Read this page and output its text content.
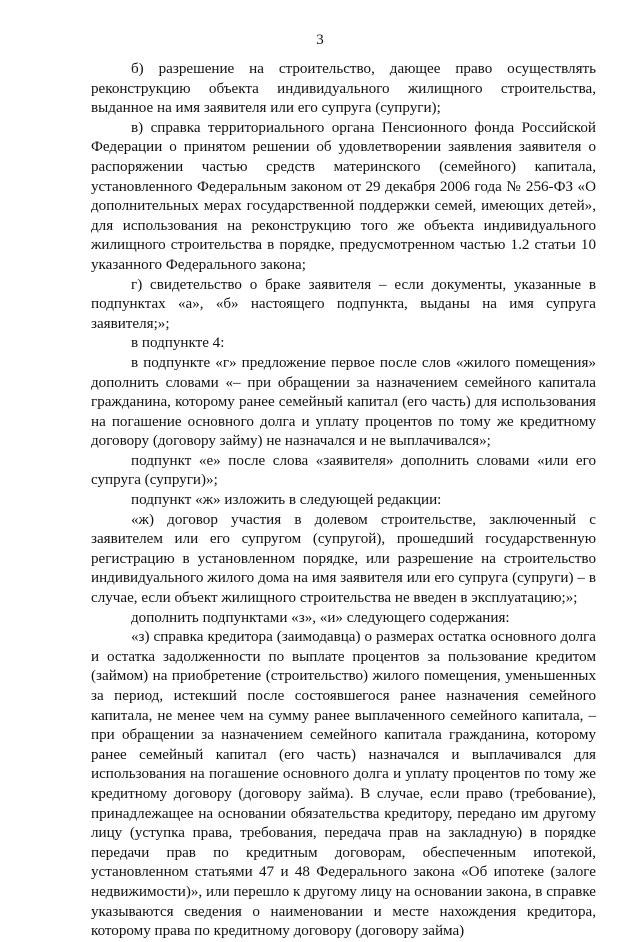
3

б) разрешение на строительство, дающее право осуществлять реконструкцию объекта индивидуального жилищного строительства, выданное на имя заявителя или его супруга (супруги);

в) справка территориального органа Пенсионного фонда Российской Федерации о принятом решении об удовлетворении заявления заявителя о распоряжении частью средств материнского (семейного) капитала, установленного Федеральным законом от 29 декабря 2006 года № 256-ФЗ «О дополнительных мерах государственной поддержки семей, имеющих детей», для использования на реконструкцию того же объекта индивидуального жилищного строительства в порядке, предусмотренном частью 1.2 статьи 10 указанного Федерального закона;

г) свидетельство о браке заявителя – если документы, указанные в подпунктах «а», «б» настоящего подпункта, выданы на имя супруга заявителя;»;

в подпункте 4:

в подпункте «г» предложение первое после слов «жилого помещения» дополнить словами «– при обращении за назначением семейного капитала гражданина, которому ранее семейный капитал (его часть) для использования на погашение основного долга и уплату процентов по тому же кредитному договору (договору займу) не назначался и не выплачивался»;

подпункт «е» после слова «заявителя» дополнить словами «или его супруга (супруги)»;

подпункт «ж» изложить в следующей редакции:

«ж) договор участия в долевом строительстве, заключенный с заявителем или его супругом (супругой), прошедший государственную регистрацию в установленном порядке, или разрешение на строительство индивидуального жилого дома на имя заявителя или его супруга (супруги) – в случае, если объект жилищного строительства не введен в эксплуатацию;»;

дополнить подпунктами «з», «и» следующего содержания:

«з) справка кредитора (заимодавца) о размерах остатка основного долга и остатка задолженности по выплате процентов за пользование кредитом (займом) на приобретение (строительство) жилого помещения, уменьшенных за период, истекший после состоявшегося ранее назначения семейного капитала, не менее чем на сумму ранее выплаченного семейного капитала, – при обращении за назначением семейного капитала гражданина, которому ранее семейный капитал (его часть) назначался и выплачивался для использования на погашение основного долга и уплату процентов по тому же кредитному договору (договору займа). В случае, если право (требование), принадлежащее на основании обязательства кредитору, передано им другому лицу (уступка права, требования, передача прав на закладную) в порядке передачи прав по кредитным договорам, обеспеченным ипотекой, установленном статьями 47 и 48 Федерального закона «Об ипотеке (залоге недвижимости)», или перешло к другому лицу на основании закона, в справке указываются сведения о наименовании и месте нахождения кредитора, которому права по кредитному договору (договору займа)
